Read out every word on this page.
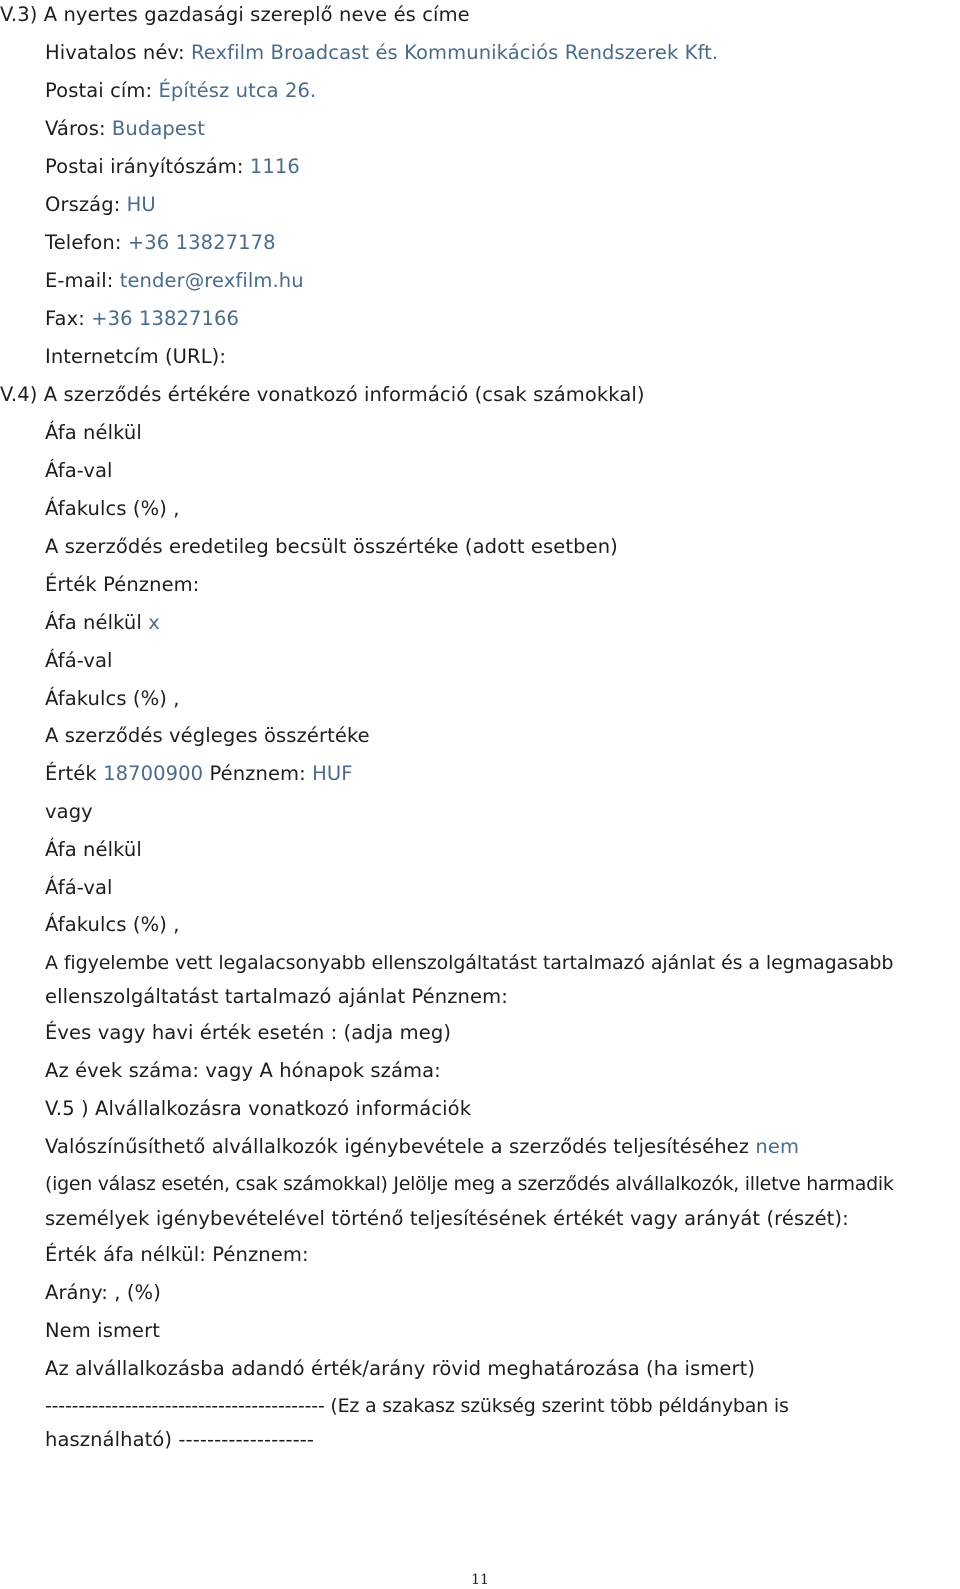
V.3) A nyertes gazdasági szereplő neve és címe
Hivatalos név: Rexfilm Broadcast és Kommunikációs Rendszerek Kft.
Postai cím: Építész utca 26.
Város: Budapest
Postai irányítószám: 1116
Ország: HU
Telefon: +36 13827178
E-mail: tender@rexfilm.hu
Fax: +36 13827166
Internetcím (URL):
V.4) A szerződés értékére vonatkozó információ (csak számokkal)
Áfa nélkül
Áfa-val
Áfakulcs (%) ,
A szerződés eredetileg becsült összértéke (adott esetben)
Érték Pénznem:
Áfa nélkül x
Áfá-val
Áfakulcs (%) ,
A szerződés végleges összértéke
Érték 18700900 Pénznem: HUF
vagy
Áfa nélkül
Áfá-val
Áfakulcs (%) ,
A figyelembe vett legalacsonyabb ellenszolgáltatást tartalmazó ajánlat és a legmagasabb
ellenszolgáltatást tartalmazó ajánlat Pénznem:
Éves vagy havi érték esetén : (adja meg)
Az évek száma: vagy A hónapok száma:
V.5 ) Alvállalkozásra vonatkozó információk
Valószínűsíthető alvállalkozók igénybevétele a szerződés teljesítéséhez nem
(igen válasz esetén, csak számokkal) Jelölje meg a szerződés alvállalkozók, illetve harmadik
személyek igénybevételével történő teljesítésének értékét vagy arányát (részét):
Érték áfa nélkül: Pénznem:
Arány: , (%)
Nem ismert
Az alvállalkozásba adandó érték/arány rövid meghatározása (ha ismert)
------------------------------------------ (Ez a szakasz szükség szerint több példányban is
használható) -------------------
11
